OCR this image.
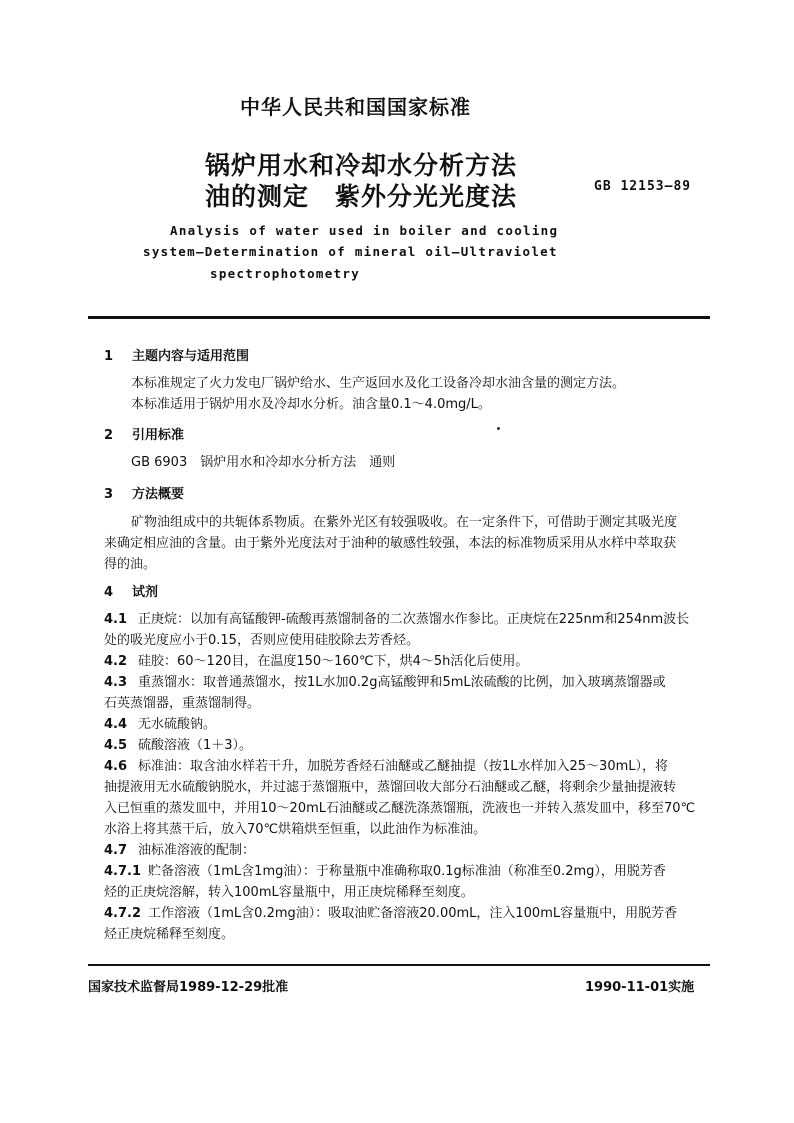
中华人民共和国国家标准
锅炉用水和冷却水分析方法
油的测定　紫外分光光度法	GB 12153—89
Analysis of water used in boiler and cooling
system—Determination of mineral oil—Ultraviolet
spectrophotometry
1 主题内容与适用范围
本标准规定了火力发电厂锅炉给水、生产返回水及化工设备冷却水油含量的测定方法。
本标准适用于锅炉用水及冷却水分析。油含量0.1～4.0mg/L。
2 引用标准
GB 6903　锅炉用水和冷却水分析方法　通则
3 方法概要
矿物油组成中的共轭体系物质。在紫外光区有较强吸收。在一定条件下，可借助于测定其吸光度
来确定相应油的含量。由于紫外光度法对于油种的敏感性较强，本法的标准物质采用从水样中萃取获
得的油。
4 试剂
4.1 正庚烷：以加有高锰酸钾-硫酸再蒸馏制备的二次蒸馏水作参比。正庚烷在225nm和254nm波长
处的吸光度应小于0.15，否则应使用硅胶除去芳香烃。
4.2 硅胶：60～120目，在温度150～160℃下，烘4～5h活化后使用。
4.3 重蒸馏水：取普通蒸馏水，按1L水加0.2g高锰酸钾和5mL浓硫酸的比例，加入玻璃蒸馏器或
石英蒸馏器，重蒸馏制得。
4.4 无水硫酸钠。
4.5 硫酸溶液（1＋3）。
4.6 标准油：取含油水样若干升，加脱芳香烃石油醚或乙醚抽提（按1L水样加入25～30mL），将
抽提液用无水硫酸钠脱水，并过滤于蒸馏瓶中，蒸馏回收大部分石油醚或乙醚，将剩余少量抽提液转
入已恒重的蒸发皿中，并用10～20mL石油醚或乙醚洗涤蒸馏瓶，洗液也一并转入蒸发皿中，移至70℃
水浴上将其蒸干后，放入70℃烘箱烘至恒重，以此油作为标准油。
4.7 油标准溶液的配制：
4.7.1 贮备溶液（1mL含1mg油）：于称量瓶中准确称取0.1g标准油（称准至0.2mg），用脱芳香
烃的正庚烷溶解，转入100mL容量瓶中，用正庚烷稀释至刻度。
4.7.2 工作溶液（1mL含0.2mg油）：吸取油贮备溶液20.00mL，注入100mL容量瓶中，用脱芳香
烃正庚烷稀释至刻度。
国家技术监督局1989-12-29批准	1990-11-01实施
